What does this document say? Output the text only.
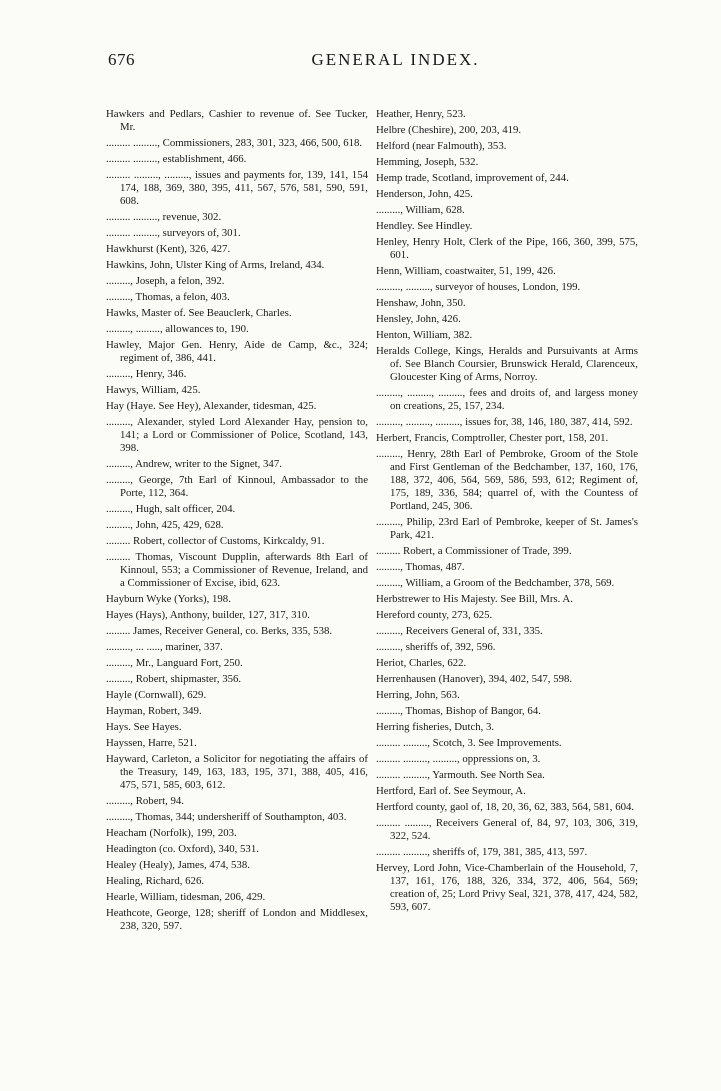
676	GENERAL INDEX.

Hawkers and Pedlars, Cashier to revenue of. See Tucker, Mr.

......... ........., Commissioners, 283, 301, 323, 466, 500, 618.

......... ........., establishment, 466.

......... ........., ........., issues and payments for, 139, 141, 154 174, 188, 369, 380, 395, 411, 567, 576, 581, 590, 591, 608.

......... ........., revenue, 302.

......... ........., surveyors of, 301.

Hawkhurst (Kent), 326, 427.

Hawkins, John, Ulster King of Arms, Ireland, 434.

........., Joseph, a felon, 392.

........., Thomas, a felon, 403.

Hawks, Master of. See Beauclerk, Charles.

........., ........., allowances to, 190.

Hawley, Major Gen. Henry, Aide de Camp, &c., 324; regiment of, 386, 441.

........., Henry, 346.

Hawys, William, 425.

Hay (Haye. See Hey), Alexander, tidesman, 425.

........., Alexander, styled Lord Alexander Hay, pension to, 141; a Lord or Commissioner of Police, Scotland, 143, 398.

........., Andrew, writer to the Signet, 347.

........., George, 7th Earl of Kinnoul, Ambassador to the Porte, 112, 364.

........., Hugh, salt officer, 204.

........., John, 425, 429, 628.

......... Robert, collector of Customs, Kirkcaldy, 91.

......... Thomas, Viscount Dupplin, afterwards 8th Earl of Kinnoul, 553; a Commissioner of Revenue, Ireland, and a Commissioner of Excise, ibid, 623.

Hayburn Wyke (Yorks), 198.

Hayes (Hays), Anthony, builder, 127, 317, 310.

......... James, Receiver General, co. Berks, 335, 538.

........., ... ....., mariner, 337.

........., Mr., Languard Fort, 250.

........., Robert, shipmaster, 356.

Hayle (Cornwall), 629.

Hayman, Robert, 349.

Hays. See Hayes.

Hayssen, Harre, 521.

Hayward, Carleton, a Solicitor for negotiating the affairs of the Treasury, 149, 163, 183, 195, 371, 388, 405, 416, 475, 571, 585, 603, 612.

........., Robert, 94.

........., Thomas, 344; undersheriff of Southampton, 403.

Heacham (Norfolk), 199, 203.

Headington (co. Oxford), 340, 531.

Healey (Healy), James, 474, 538.

Healing, Richard, 626.

Hearle, William, tidesman, 206, 429.

Heathcote, George, 128; sheriff of London and Middlesex, 238, 320, 597.

Heather, Henry, 523.

Helbre (Cheshire), 200, 203, 419.

Helford (near Falmouth), 353.

Hemming, Joseph, 532.

Hemp trade, Scotland, improvement of, 244.

Henderson, John, 425.

........., William, 628.

Hendley. See Hindley.

Henley, Henry Holt, Clerk of the Pipe, 166, 360, 399, 575, 601.

Henn, William, coastwaiter, 51, 199, 426.

........., ........., surveyor of houses, London, 199.

Henshaw, John, 350.

Hensley, John, 426.

Henton, William, 382.

Heralds College, Kings, Heralds and Pursuivants at Arms of. See Blanch Coursier, Brunswick Herald, Clarenceux, Gloucester King of Arms, Norroy.

........., ........., ........., fees and droits of, and largess money on creations, 25, 157, 234.

........., ........., ........., issues for, 38, 146, 180, 387, 414, 592.

Herbert, Francis, Comptroller, Chester port, 158, 201.

........., Henry, 28th Earl of Pembroke, Groom of the Stole and First Gentleman of the Bedchamber, 137, 160, 176, 188, 372, 406, 564, 569, 586, 593, 612; Regiment of, 175, 189, 336, 584; quarrel of, with the Countess of Portland, 245, 306.

........., Philip, 23rd Earl of Pembroke, keeper of St. James's Park, 421.

......... Robert, a Commissioner of Trade, 399.

........., Thomas, 487.

........., William, a Groom of the Bedchamber, 378, 569.

Herbstrewer to His Majesty. See Bill, Mrs. A.

Hereford county, 273, 625.

........., Receivers General of, 331, 335.

........., sheriffs of, 392, 596.

Heriot, Charles, 622.

Herrenhausen (Hanover), 394, 402, 547, 598.

Herring, John, 563.

........., Thomas, Bishop of Bangor, 64.

Herring fisheries, Dutch, 3.

......... ........., Scotch, 3. See Improvements.

......... ........., ........., oppressions on, 3.

......... ........., Yarmouth. See North Sea.

Hertford, Earl of. See Seymour, A.

Hertford county, gaol of, 18, 20, 36, 62, 383, 564, 581, 604.

......... ........., Receivers General of, 84, 97, 103, 306, 319, 322, 524.

......... ........., sheriffs of, 179, 381, 385, 413, 597.

Hervey, Lord John, Vice-Chamberlain of the Household, 7, 137, 161, 176, 188, 326, 334, 372, 406, 564, 569; creation of, 25; Lord Privy Seal, 321, 378, 417, 424, 582, 593, 607.
